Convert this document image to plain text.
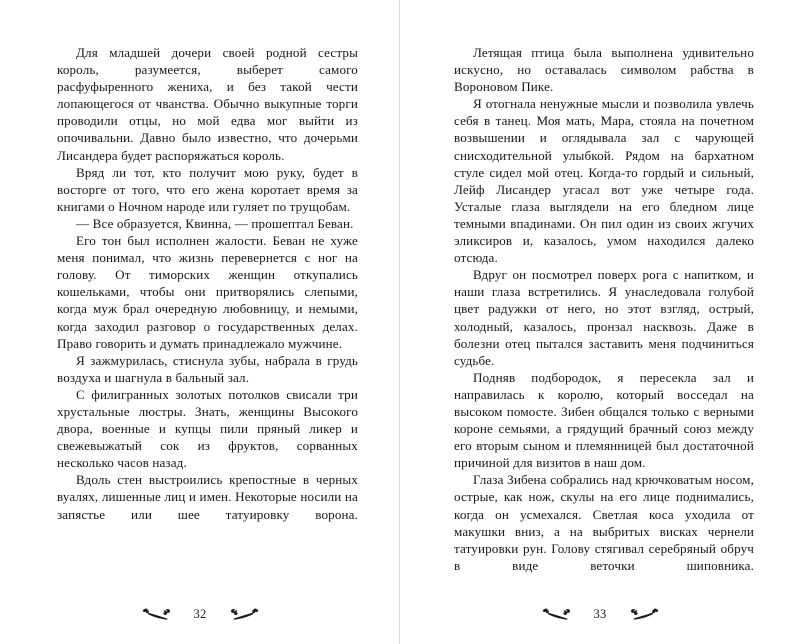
Для младшей дочери своей родной сестры король, разумеется, выберет самого расфуфыренного жениха, и без такой чести лопающегося от чванства. Обычно выкупные торги проводили отцы, но мой едва мог выйти из опочивальни. Давно было известно, что дочерьми Лисандера будет распоряжаться король.

Вряд ли тот, кто получит мою руку, будет в восторге от того, что его жена коротает время за книгами о Ночном народе или гуляет по трущобам.

— Все образуется, Квинна, — прошептал Беван.

Его тон был исполнен жалости. Беван не хуже меня понимал, что жизнь перевернется с ног на голову. От тиморских женщин откупались кошельками, чтобы они притворялись слепыми, когда муж брал очередную любовницу, и немыми, когда заходил разговор о государственных делах. Право говорить и думать принадлежало мужчине.

Я зажмурилась, стиснула зубы, набрала в грудь воздуха и шагнула в бальный зал.

С филигранных золотых потолков свисали три хрустальные люстры. Знать, женщины Высокого двора, военные и купцы пили пряный ликер и свежевыжатый сок из фруктов, сорванных несколько часов назад.

Вдоль стен выстроились крепостные в черных вуалях, лишенные лиц и имен. Некоторые носили на запястье или шее татуировку ворона.

32

Летящая птица была выполнена удивительно искусно, но оставалась символом рабства в Вороновом Пике.

Я отогнала ненужные мысли и позволила увлечь себя в танец. Моя мать, Мара, стояла на почетном возвышении и оглядывала зал с чарующей снисходительной улыбкой. Рядом на бархатном стуле сидел мой отец. Когда-то гордый и сильный, Лейф Лисандер угасал вот уже четыре года. Усталые глаза выглядели на его бледном лице темными впадинами. Он пил один из своих жгучих эликсиров и, казалось, умом находился далеко отсюда.

Вдруг он посмотрел поверх рога с напитком, и наши глаза встретились. Я унаследовала голубой цвет радужки от него, но этот взгляд, острый, холодный, казалось, пронзал насквозь. Даже в болезни отец пытался заставить меня подчиниться судьбе.

Подняв подбородок, я пересекла зал и направилась к королю, который восседал на высоком помосте. Зибен общался только с верными короне семьями, а грядущий брачный союз между его вторым сыном и племянницей был достаточной причиной для визитов в наш дом.

Глаза Зибена собрались над крючковатым носом, острые, как нож, скулы на его лице поднимались, когда он усмехался. Светлая коса уходила от макушки вниз, а на выбритых висках чернели татуировки рун. Голову стягивал серебряный обруч в виде веточки шиповника.

33
